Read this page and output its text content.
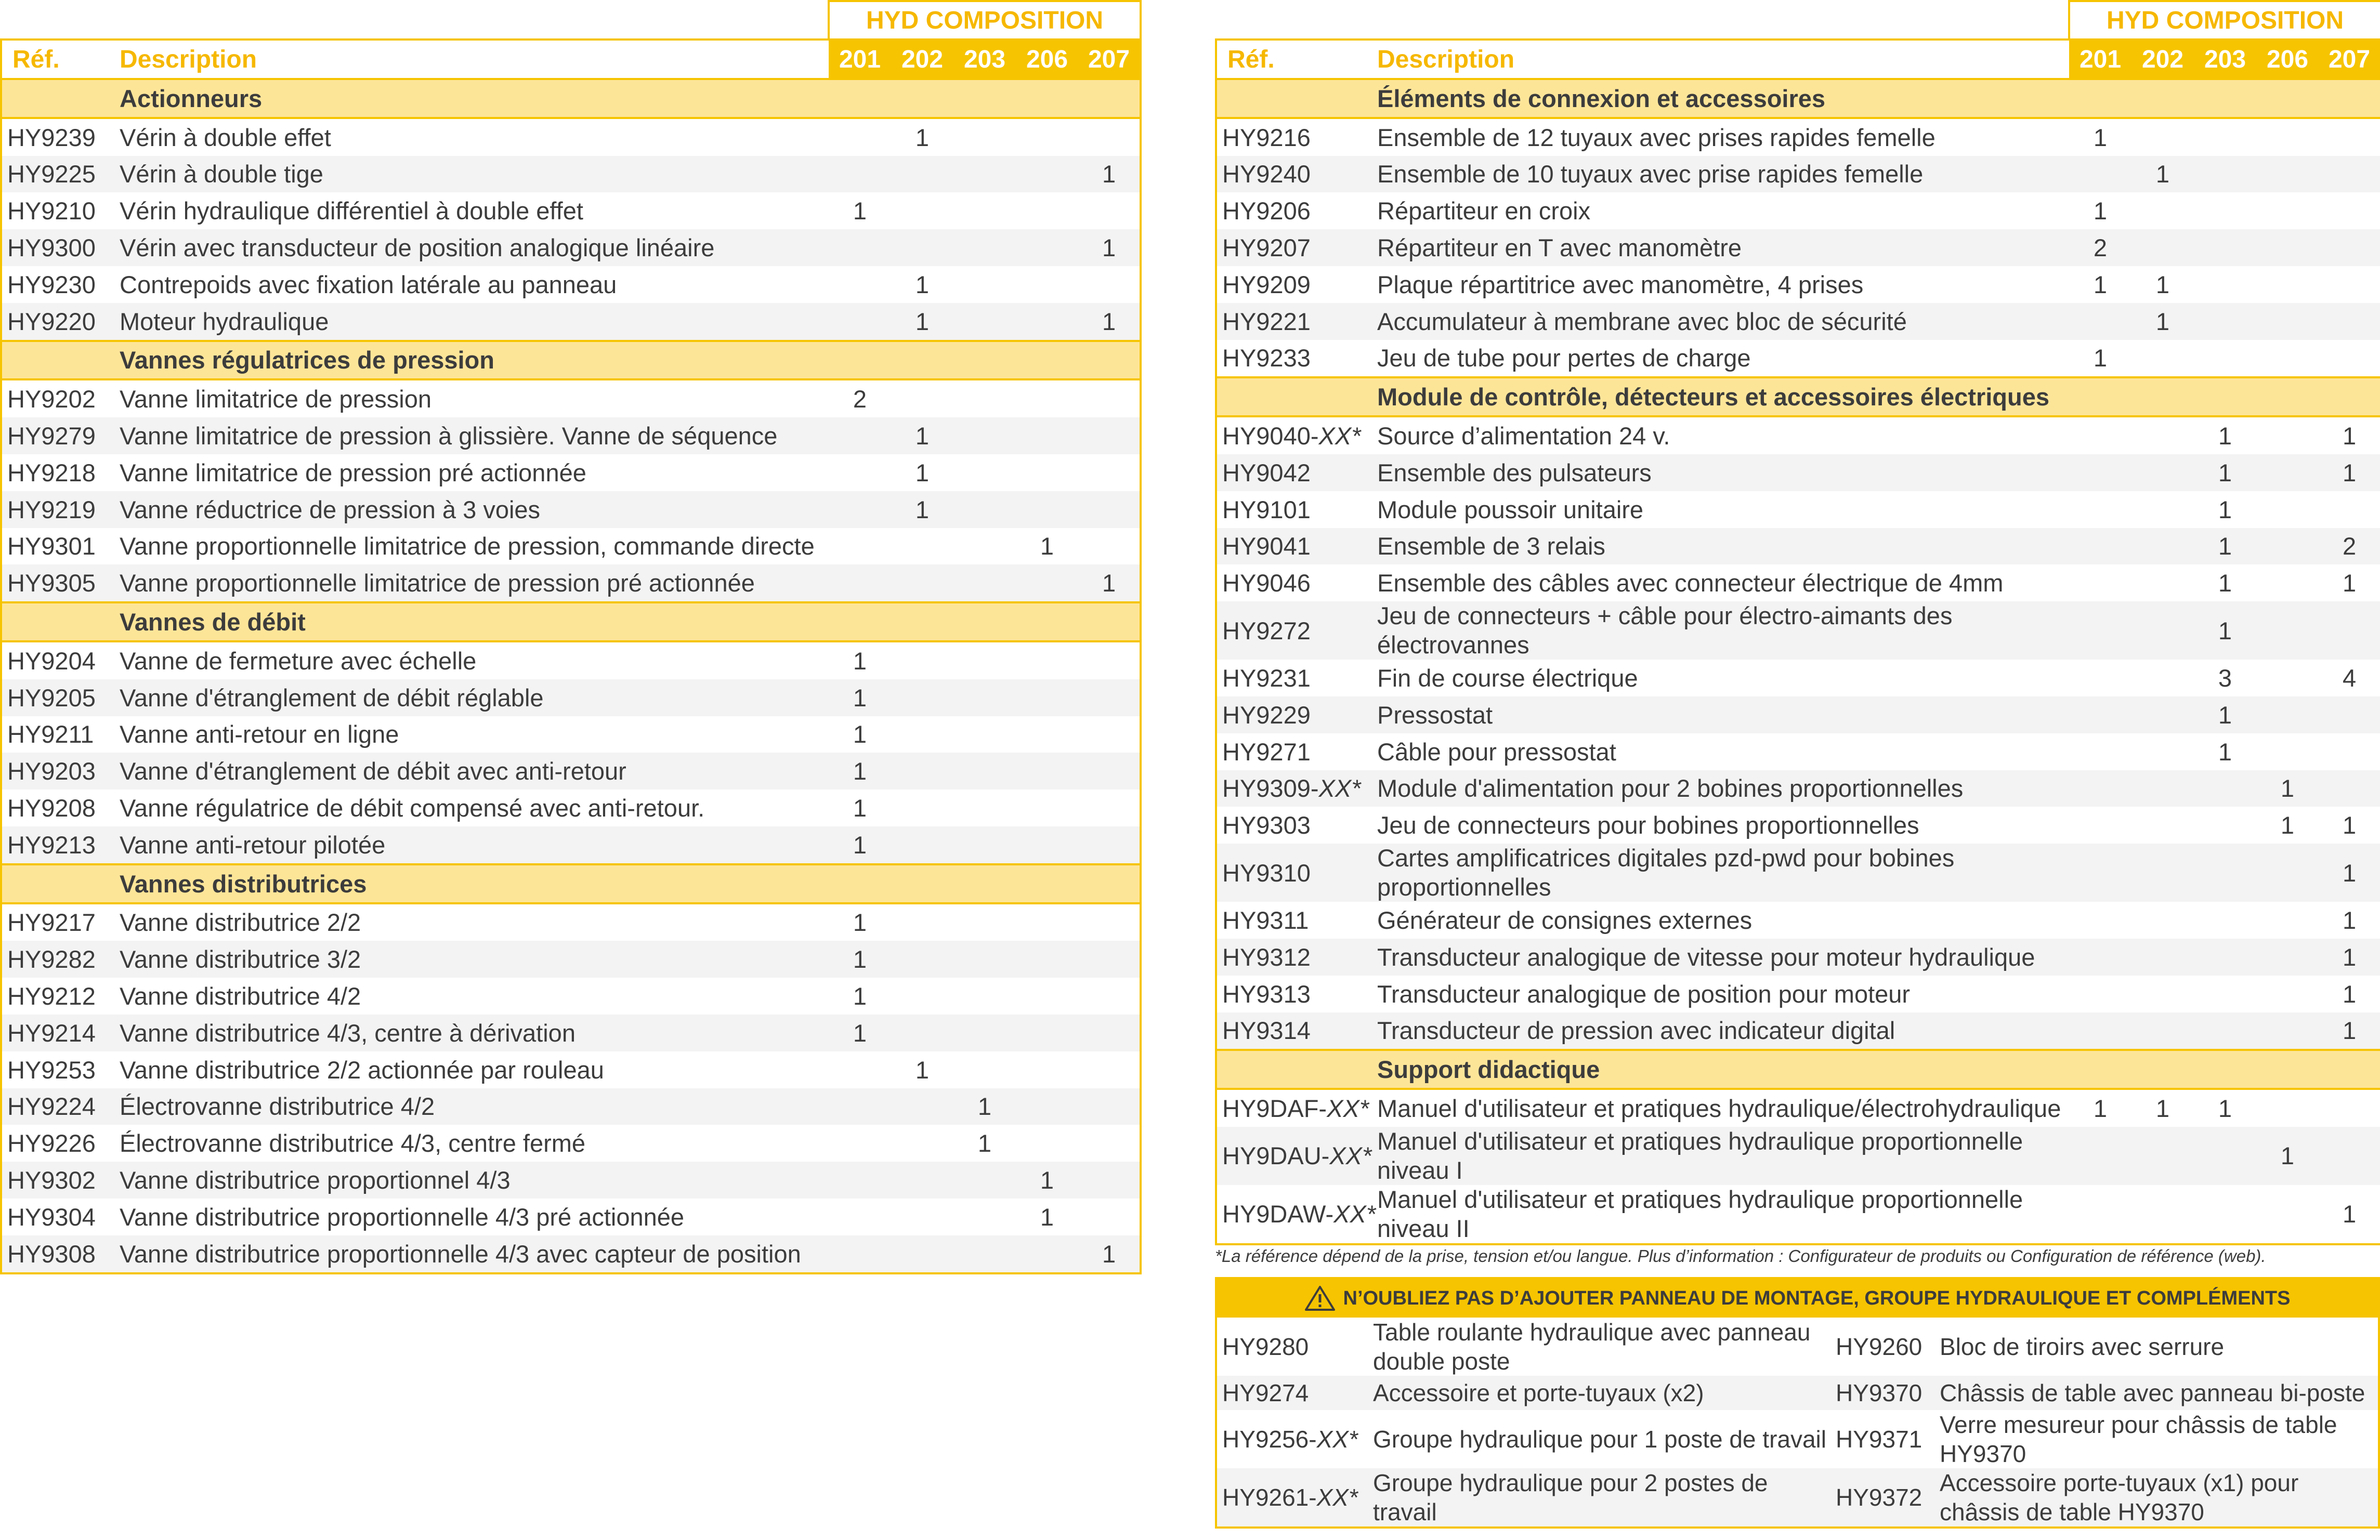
		HYD COMPOSITION				
Réf.	Description	201	202	203	206	207
	Actionneurs					
HY9239	Vérin à double effet		1			
HY9225	Vérin à double tige					1
HY9210	Vérin hydraulique différentiel à double effet	1				
HY9300	Vérin avec transducteur de position analogique linéaire					1
HY9230	Contrepoids avec fixation latérale au panneau		1			
HY9220	Moteur hydraulique		1			1
	Vannes régulatrices de pression					
HY9202	Vanne limitatrice de pression	2				
HY9279	Vanne limitatrice de pression à glissière. Vanne de séquence		1			
HY9218	Vanne limitatrice de pression pré actionnée		1			
HY9219	Vanne réductrice de pression à 3 voies		1			
HY9301	Vanne proportionnelle limitatrice de pression, commande directe				1	
HY9305	Vanne proportionnelle limitatrice de pression pré actionnée					1
	Vannes de débit					
HY9204	Vanne de fermeture avec échelle	1				
HY9205	Vanne d'étranglement de débit réglable	1				
HY9211	Vanne anti-retour en ligne	1				
HY9203	Vanne d'étranglement de débit avec anti-retour	1				
HY9208	Vanne régulatrice de débit compensé avec anti-retour.	1				
HY9213	Vanne anti-retour pilotée	1				
	Vannes distributrices					
HY9217	Vanne distributrice 2/2	1				
HY9282	Vanne distributrice 3/2	1				
HY9212	Vanne distributrice 4/2	1				
HY9214	Vanne distributrice 4/3, centre à dérivation	1				
HY9253	Vanne distributrice 2/2 actionnée par rouleau		1			
HY9224	Électrovanne distributrice 4/2			1		
HY9226	Électrovanne distributrice 4/3, centre fermé			1		
HY9302	Vanne distributrice proportionnel 4/3				1	
HY9304	Vanne distributrice proportionnelle 4/3 pré actionnée				1	
HY9308	Vanne distributrice proportionnelle 4/3 avec capteur de position					1
		HYD COMPOSITION				
Réf.	Description	201	202	203	206	207
	Éléments de connexion et accessoires					
HY9216	Ensemble de 12 tuyaux avec prises rapides femelle	1				
HY9240	Ensemble de 10 tuyaux avec prise rapides femelle		1			
HY9206	Répartiteur en croix	1				
HY9207	Répartiteur en T avec manomètre	2				
HY9209	Plaque répartitrice avec manomètre, 4 prises	1	1			
HY9221	Accumulateur à membrane avec bloc de sécurité		1			
HY9233	Jeu de tube pour pertes de charge	1				
	Module de contrôle, détecteurs et accessoires électriques					
HY9040-XX*	Source d’alimentation 24 v.			1		1
HY9042	Ensemble des pulsateurs			1		1
HY9101	Module poussoir unitaire			1		
HY9041	Ensemble de 3 relais			1		2
HY9046	Ensemble des câbles avec connecteur électrique de 4mm			1		1
HY9272	Jeu de connecteurs + câble pour électro-aimants des électrovannes			1		
HY9231	Fin de course électrique			3		4
HY9229	Pressostat			1		
HY9271	Câble pour pressostat			1		
HY9309-XX*	Module d'alimentation pour 2 bobines proportionnelles				1	
HY9303	Jeu de connecteurs pour bobines proportionnelles				1	1
HY9310	Cartes amplificatrices digitales pzd-pwd pour bobines proportionnelles					1
HY9311	Générateur de consignes externes					1
HY9312	Transducteur analogique de vitesse pour moteur hydraulique					1
HY9313	Transducteur analogique de position pour moteur					1
HY9314	Transducteur de pression avec indicateur digital					1
	Support didactique					
HY9DAF-XX*	Manuel d'utilisateur et pratiques hydraulique/électrohydraulique	1	1	1		
HY9DAU-XX*	Manuel d'utilisateur et pratiques hydraulique proportionnelle niveau I				1	
HY9DAW-XX*	Manuel d'utilisateur et pratiques hydraulique proportionnelle niveau II					1
*La référence dépend de la prise, tension et/ou langue. Plus d’information : Configurateur de produits ou Configuration de référence (web).
N’OUBLIEZ PAS D’AJOUTER PANNEAU DE MONTAGE, GROUPE HYDRAULIQUE ET COMPLÉMENTS
HY9280	Table roulante hydraulique avec panneau double poste	HY9260	Bloc de tiroirs avec serrure
HY9274	Accessoire et porte-tuyaux (x2)	HY9370	Châssis de table avec panneau bi-poste
HY9256-XX*	Groupe hydraulique pour 1 poste de travail	HY9371	Verre mesureur pour châssis de table HY9370
HY9261-XX*	Groupe hydraulique pour 2 postes de travail	HY9372	Accessoire porte-tuyaux (x1) pour châssis de table HY9370
